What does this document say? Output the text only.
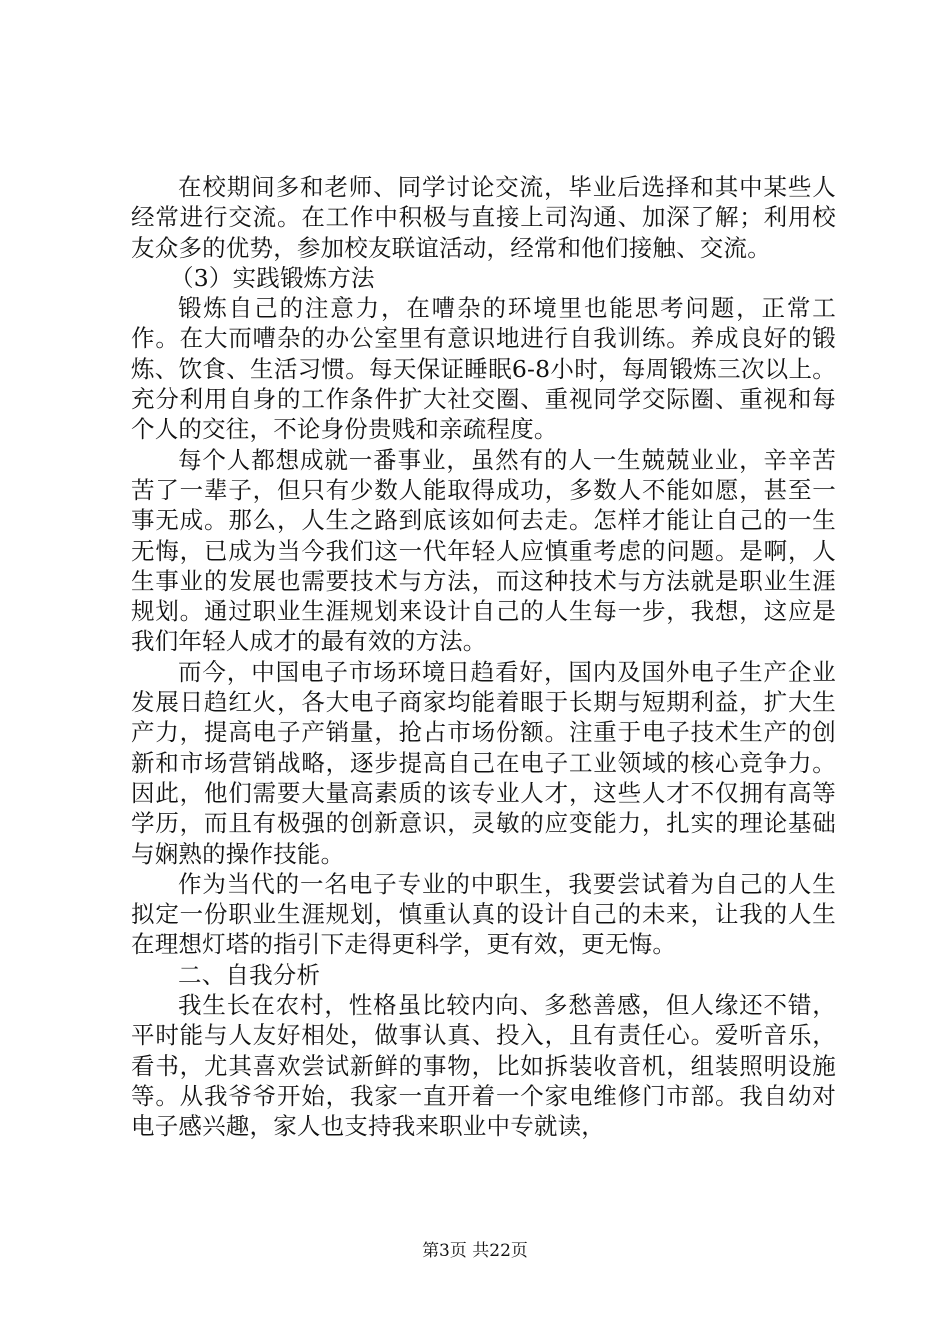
在校期间多和老师、同学讨论交流，毕业后选择和其中某些人经常进行交流。在工作中积极与直接上司沟通、加深了解；利用校友众多的优势，参加校友联谊活动，经常和他们接触、交流。

（3）实践锻炼方法

锻炼自己的注意力，在嘈杂的环境里也能思考问题，正常工作。在大而嘈杂的办公室里有意识地进行自我训练。养成良好的锻炼、饮食、生活习惯。每天保证睡眠6-8小时，每周锻炼三次以上。充分利用自身的工作条件扩大社交圈、重视同学交际圈、重视和每个人的交往，不论身份贵贱和亲疏程度。

每个人都想成就一番事业，虽然有的人一生兢兢业业，辛辛苦苦了一辈子，但只有少数人能取得成功，多数人不能如愿，甚至一事无成。那么，人生之路到底该如何去走。怎样才能让自己的一生无悔，已成为当今我们这一代年轻人应慎重考虑的问题。是啊，人生事业的发展也需要技术与方法，而这种技术与方法就是职业生涯规划。通过职业生涯规划来设计自己的人生每一步，我想，这应是我们年轻人成才的最有效的方法。

而今，中国电子市场环境日趋看好，国内及国外电子生产企业发展日趋红火，各大电子商家均能着眼于长期与短期利益，扩大生产力，提高电子产销量，抢占市场份额。注重于电子技术生产的创新和市场营销战略，逐步提高自己在电子工业领域的核心竞争力。因此，他们需要大量高素质的该专业人才，这些人才不仅拥有高等学历，而且有极强的创新意识，灵敏的应变能力，扎实的理论基础与娴熟的操作技能。

作为当代的一名电子专业的中职生，我要尝试着为自己的人生拟定一份职业生涯规划，慎重认真的设计自己的未来，让我的人生在理想灯塔的指引下走得更科学，更有效，更无悔。

二、自我分析

我生长在农村，性格虽比较内向、多愁善感，但人缘还不错，平时能与人友好相处，做事认真、投入，且有责任心。爱听音乐，看书，尤其喜欢尝试新鲜的事物，比如拆装收音机，组装照明设施等。从我爷爷开始，我家一直开着一个家电维修门市部。我自幼对电子感兴趣，家人也支持我来职业中专就读，

第3页 共22页
